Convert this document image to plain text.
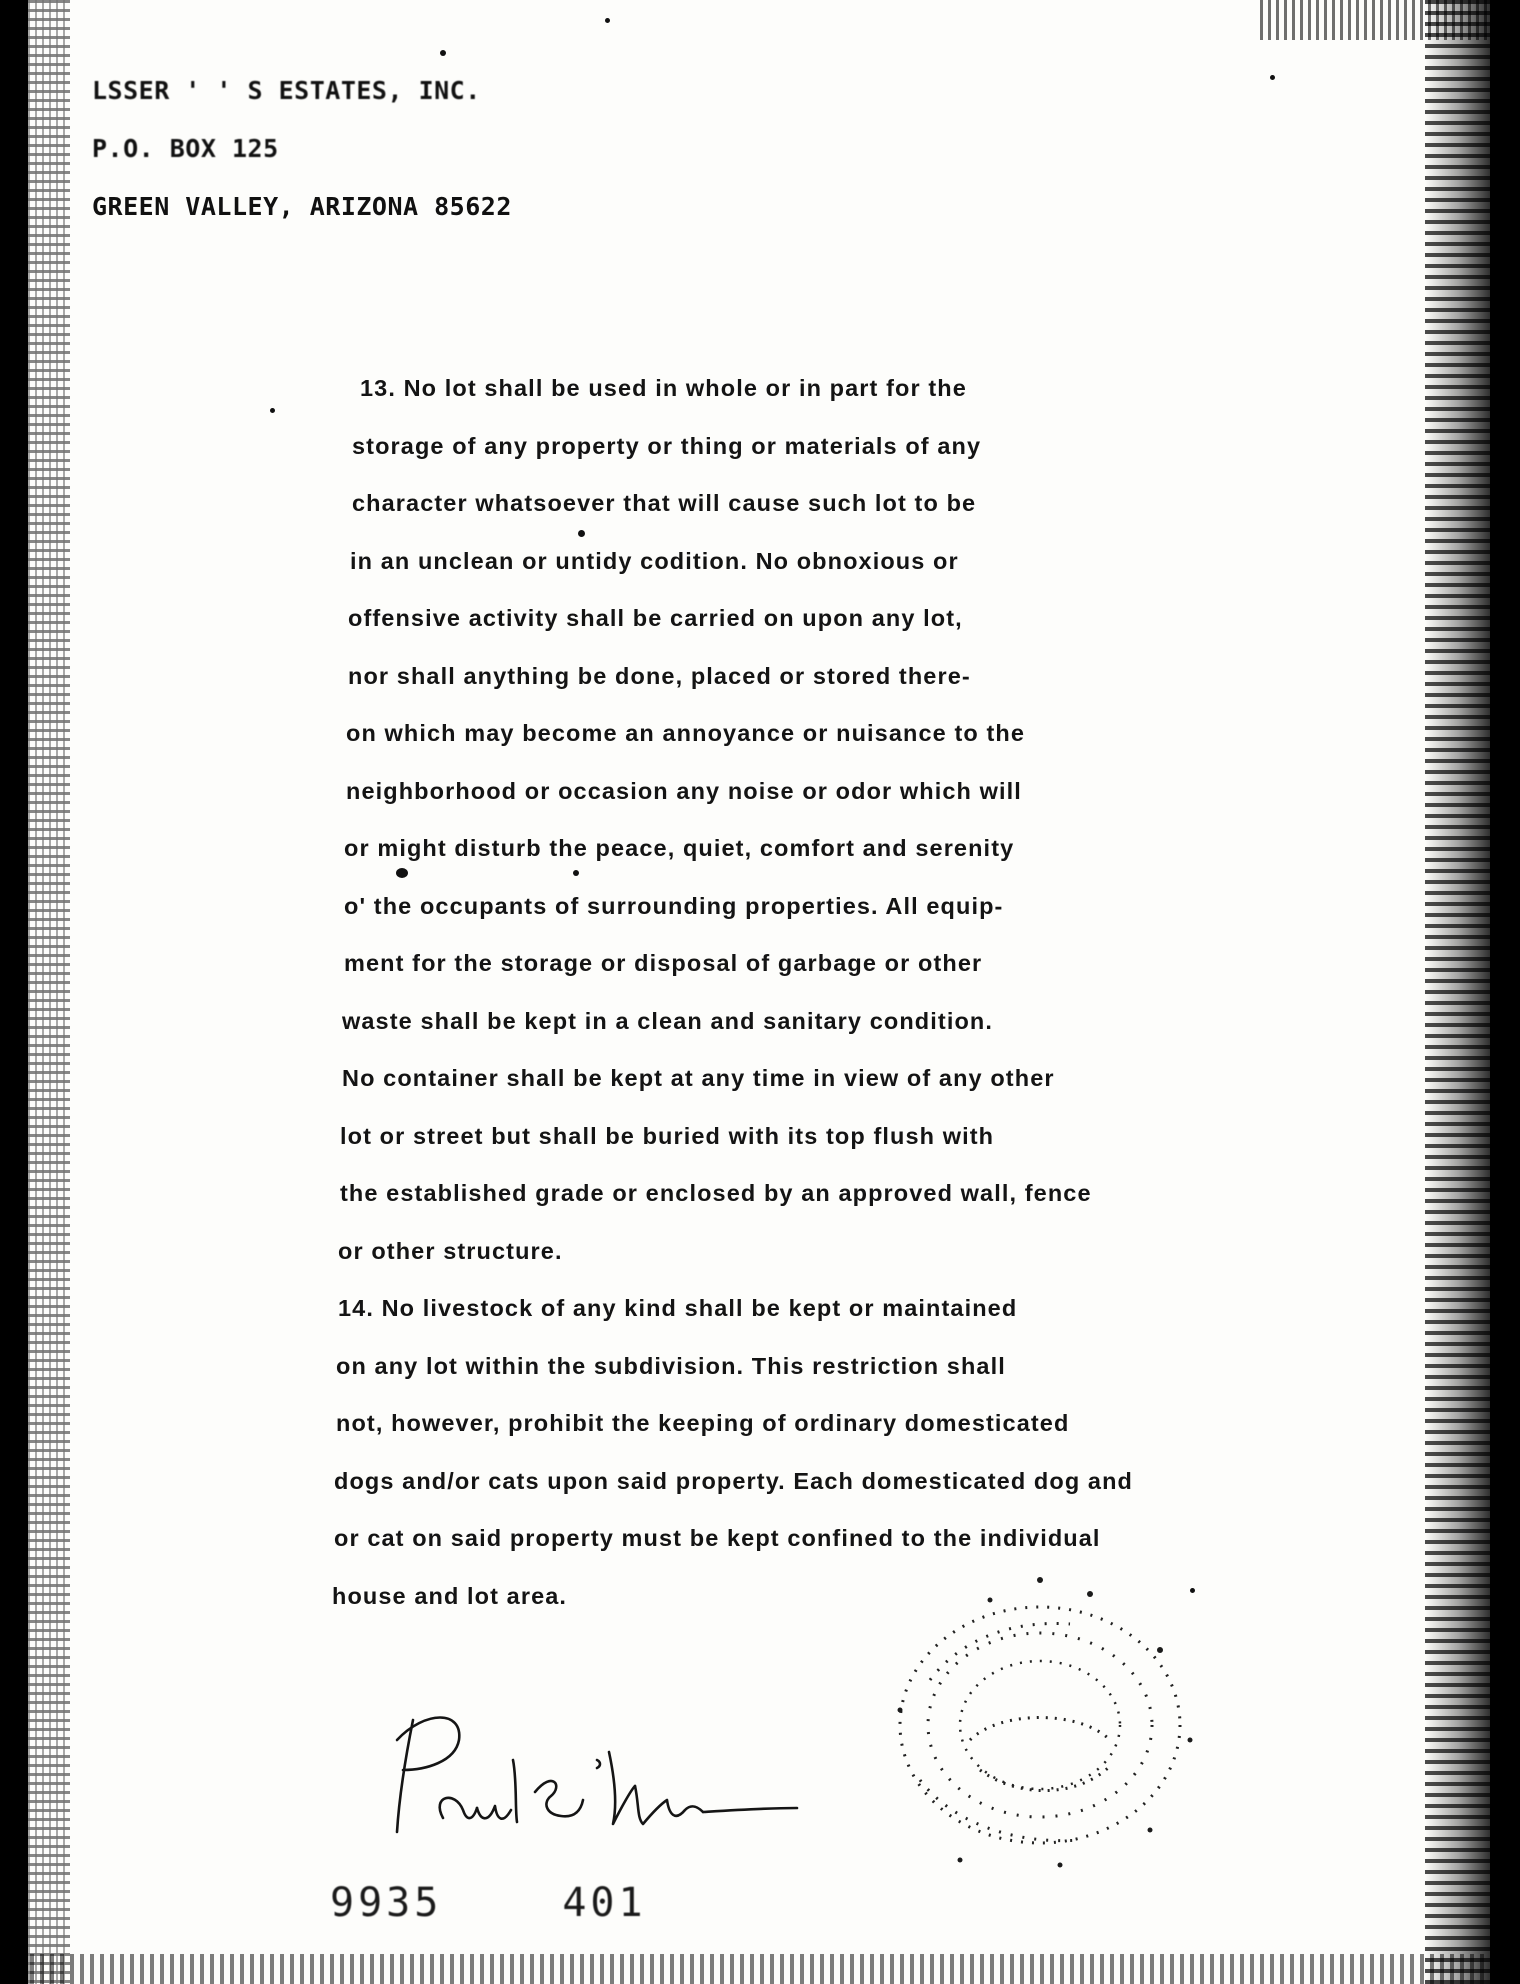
LSSER ' ' S ESTATES, INC.
P.O. BOX 125
GREEN VALLEY, ARIZONA 85622
13. No lot shall be used in whole or in part for the
storage of any property or thing or materials of any
character whatsoever that will cause such lot to be
in an unclean or untidy codition. No obnoxious or
offensive activity shall be carried on upon any lot,
nor shall anything be done, placed or stored there-
on which may become an annoyance or nuisance to the
neighborhood or occasion any noise or odor which will
or might disturb the peace, quiet, comfort and serenity
o' the occupants of surrounding properties. All equip-
ment for the storage or disposal of garbage or other
waste shall be kept in a clean and sanitary condition.
No container shall be kept at any time in view of any other
lot or street but shall be buried with its top flush with
the established grade or enclosed by an approved wall, fence
or other structure.
14. No livestock of any kind shall be kept or maintained
on any lot within the subdivision. This restriction shall
not, however, prohibit the keeping of ordinary domesticated
dogs and/or cats upon said property. Each domesticated dog and
or cat on said property must be kept confined to the individual
house and lot area.
9935	401
